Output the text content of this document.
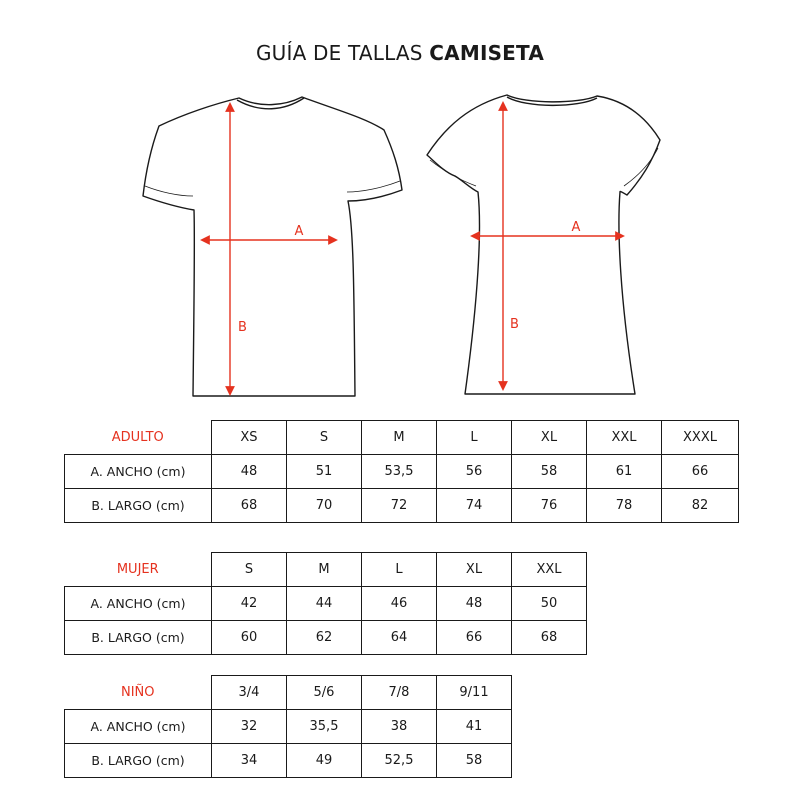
GUÍA DE TALLAS CAMISETA
A
B
A
B
ADULTO	XS	S	M	L	XL	XXL	XXXL
A. ANCHO (cm)	48	51	53,5	56	58	61	66
B. LARGO (cm)	68	70	72	74	76	78	82
MUJER	S	M	L	XL	XXL
A. ANCHO (cm)	42	44	46	48	50
B. LARGO (cm)	60	62	64	66	68
NIÑO	3/4	5/6	7/8	9/11
A. ANCHO (cm)	32	35,5	38	41
B. LARGO (cm)	34	49	52,5	58
